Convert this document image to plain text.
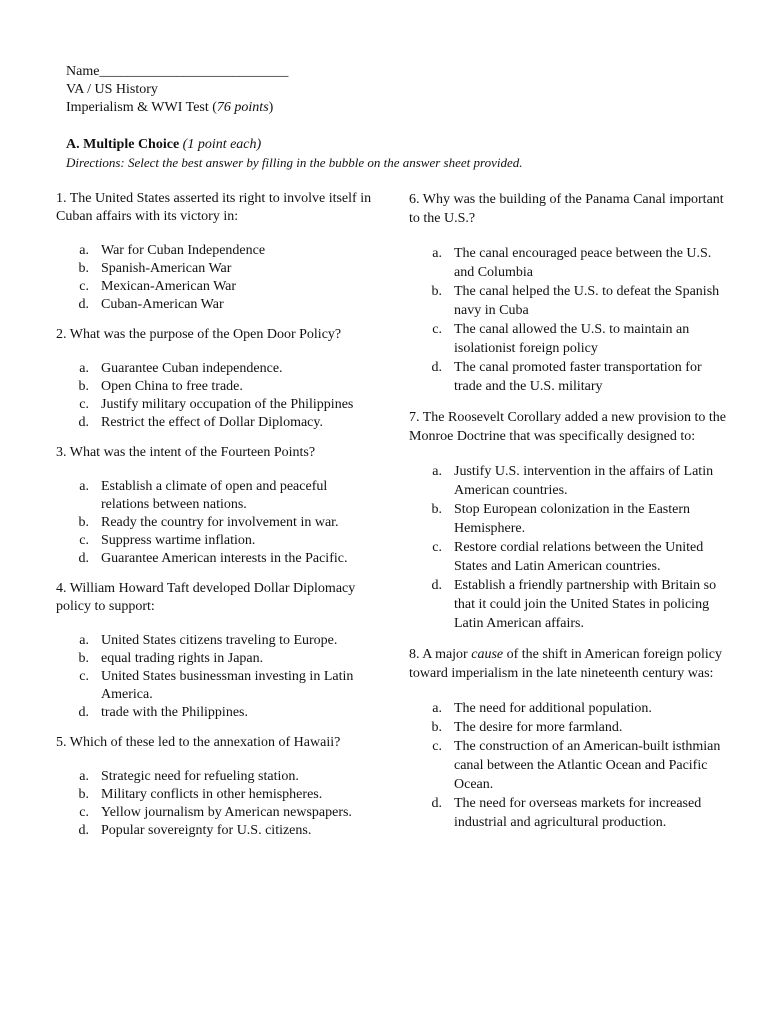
Name___________________________
VA / US History
Imperialism & WWI Test (76 points)
A. Multiple Choice (1 point each)
Directions: Select the best answer by filling in the bubble on the answer sheet provided.
1. The United States asserted its right to involve itself in Cuban affairs with its victory in:
a. War for Cuban Independence
b. Spanish-American War
c. Mexican-American War
d. Cuban-American War
2. What was the purpose of the Open Door Policy?
a. Guarantee Cuban independence.
b. Open China to free trade.
c. Justify military occupation of the Philippines
d. Restrict the effect of Dollar Diplomacy.
3. What was the intent of the Fourteen Points?
a. Establish a climate of open and peaceful relations between nations.
b. Ready the country for involvement in war.
c. Suppress wartime inflation.
d. Guarantee American interests in the Pacific.
4. William Howard Taft developed Dollar Diplomacy policy to support:
a. United States citizens traveling to Europe.
b. equal trading rights in Japan.
c. United States businessman investing in Latin America.
d. trade with the Philippines.
5. Which of these led to the annexation of Hawaii?
a. Strategic need for refueling station.
b. Military conflicts in other hemispheres.
c. Yellow journalism by American newspapers.
d. Popular sovereignty for U.S. citizens.
6. Why was the building of the Panama Canal important to the U.S.?
a. The canal encouraged peace between the U.S. and Columbia
b. The canal helped the U.S. to defeat the Spanish navy in Cuba
c. The canal allowed the U.S. to maintain an isolationist foreign policy
d. The canal promoted faster transportation for trade and the U.S. military
7. The Roosevelt Corollary added a new provision to the Monroe Doctrine that was specifically designed to:
a. Justify U.S. intervention in the affairs of Latin American countries.
b. Stop European colonization in the Eastern Hemisphere.
c. Restore cordial relations between the United States and Latin American countries.
d. Establish a friendly partnership with Britain so that it could join the United States in policing Latin American affairs.
8. A major cause of the shift in American foreign policy toward imperialism in the late nineteenth century was:
a. The need for additional population.
b. The desire for more farmland.
c. The construction of an American-built isthmian canal between the Atlantic Ocean and Pacific Ocean.
d. The need for overseas markets for increased industrial and agricultural production.
